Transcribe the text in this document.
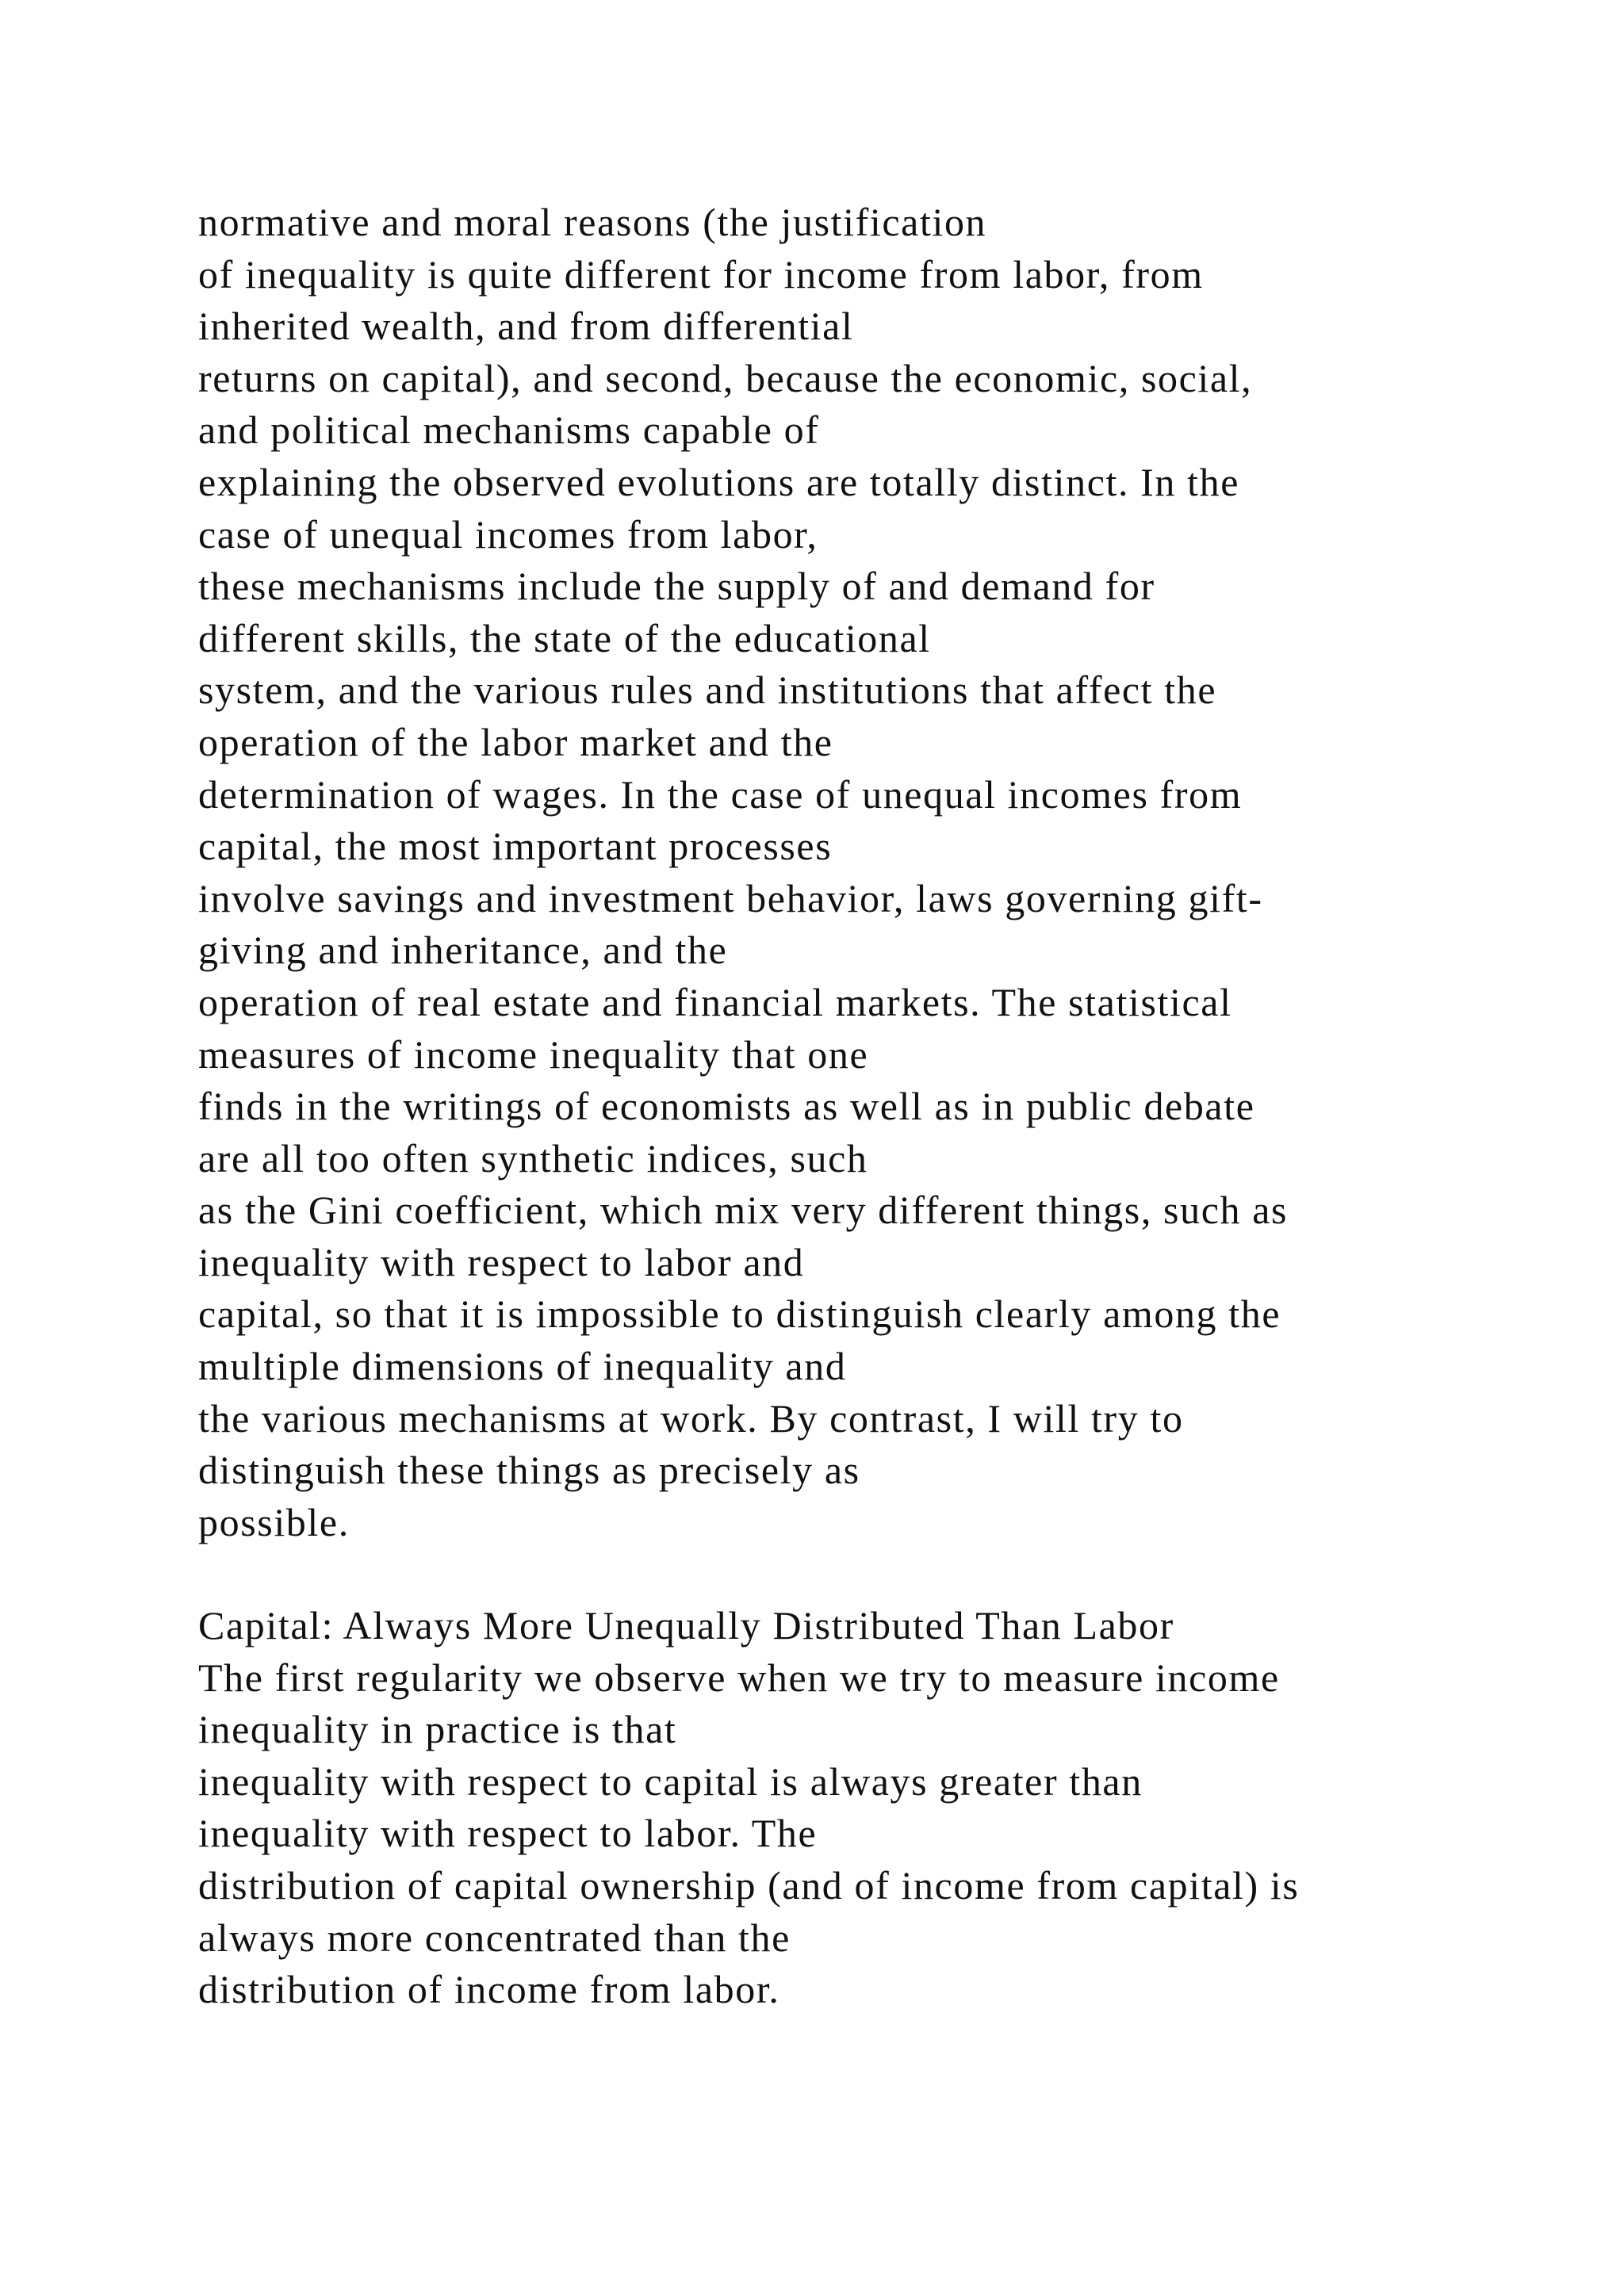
normative and moral reasons (the justification
of inequality is quite different for income from labor, from
inherited wealth, and from differential
returns on capital), and second, because the economic, social,
and political mechanisms capable of
explaining the observed evolutions are totally distinct. In the
case of unequal incomes from labor,
these mechanisms include the supply of and demand for
different skills, the state of the educational
system, and the various rules and institutions that affect the
operation of the labor market and the
determination of wages. In the case of unequal incomes from
capital, the most important processes
involve savings and investment behavior, laws governing gift-
giving and inheritance, and the
operation of real estate and financial markets. The statistical
measures of income inequality that one
finds in the writings of economists as well as in public debate
are all too often synthetic indices, such
as the Gini coefficient, which mix very different things, such as
inequality with respect to labor and
capital, so that it is impossible to distinguish clearly among the
multiple dimensions of inequality and
the various mechanisms at work. By contrast, I will try to
distinguish these things as precisely as
possible.
Capital: Always More Unequally Distributed Than Labor
The first regularity we observe when we try to measure income
inequality in practice is that
inequality with respect to capital is always greater than
inequality with respect to labor. The
distribution of capital ownership (and of income from capital) is
always more concentrated than the
distribution of income from labor.
